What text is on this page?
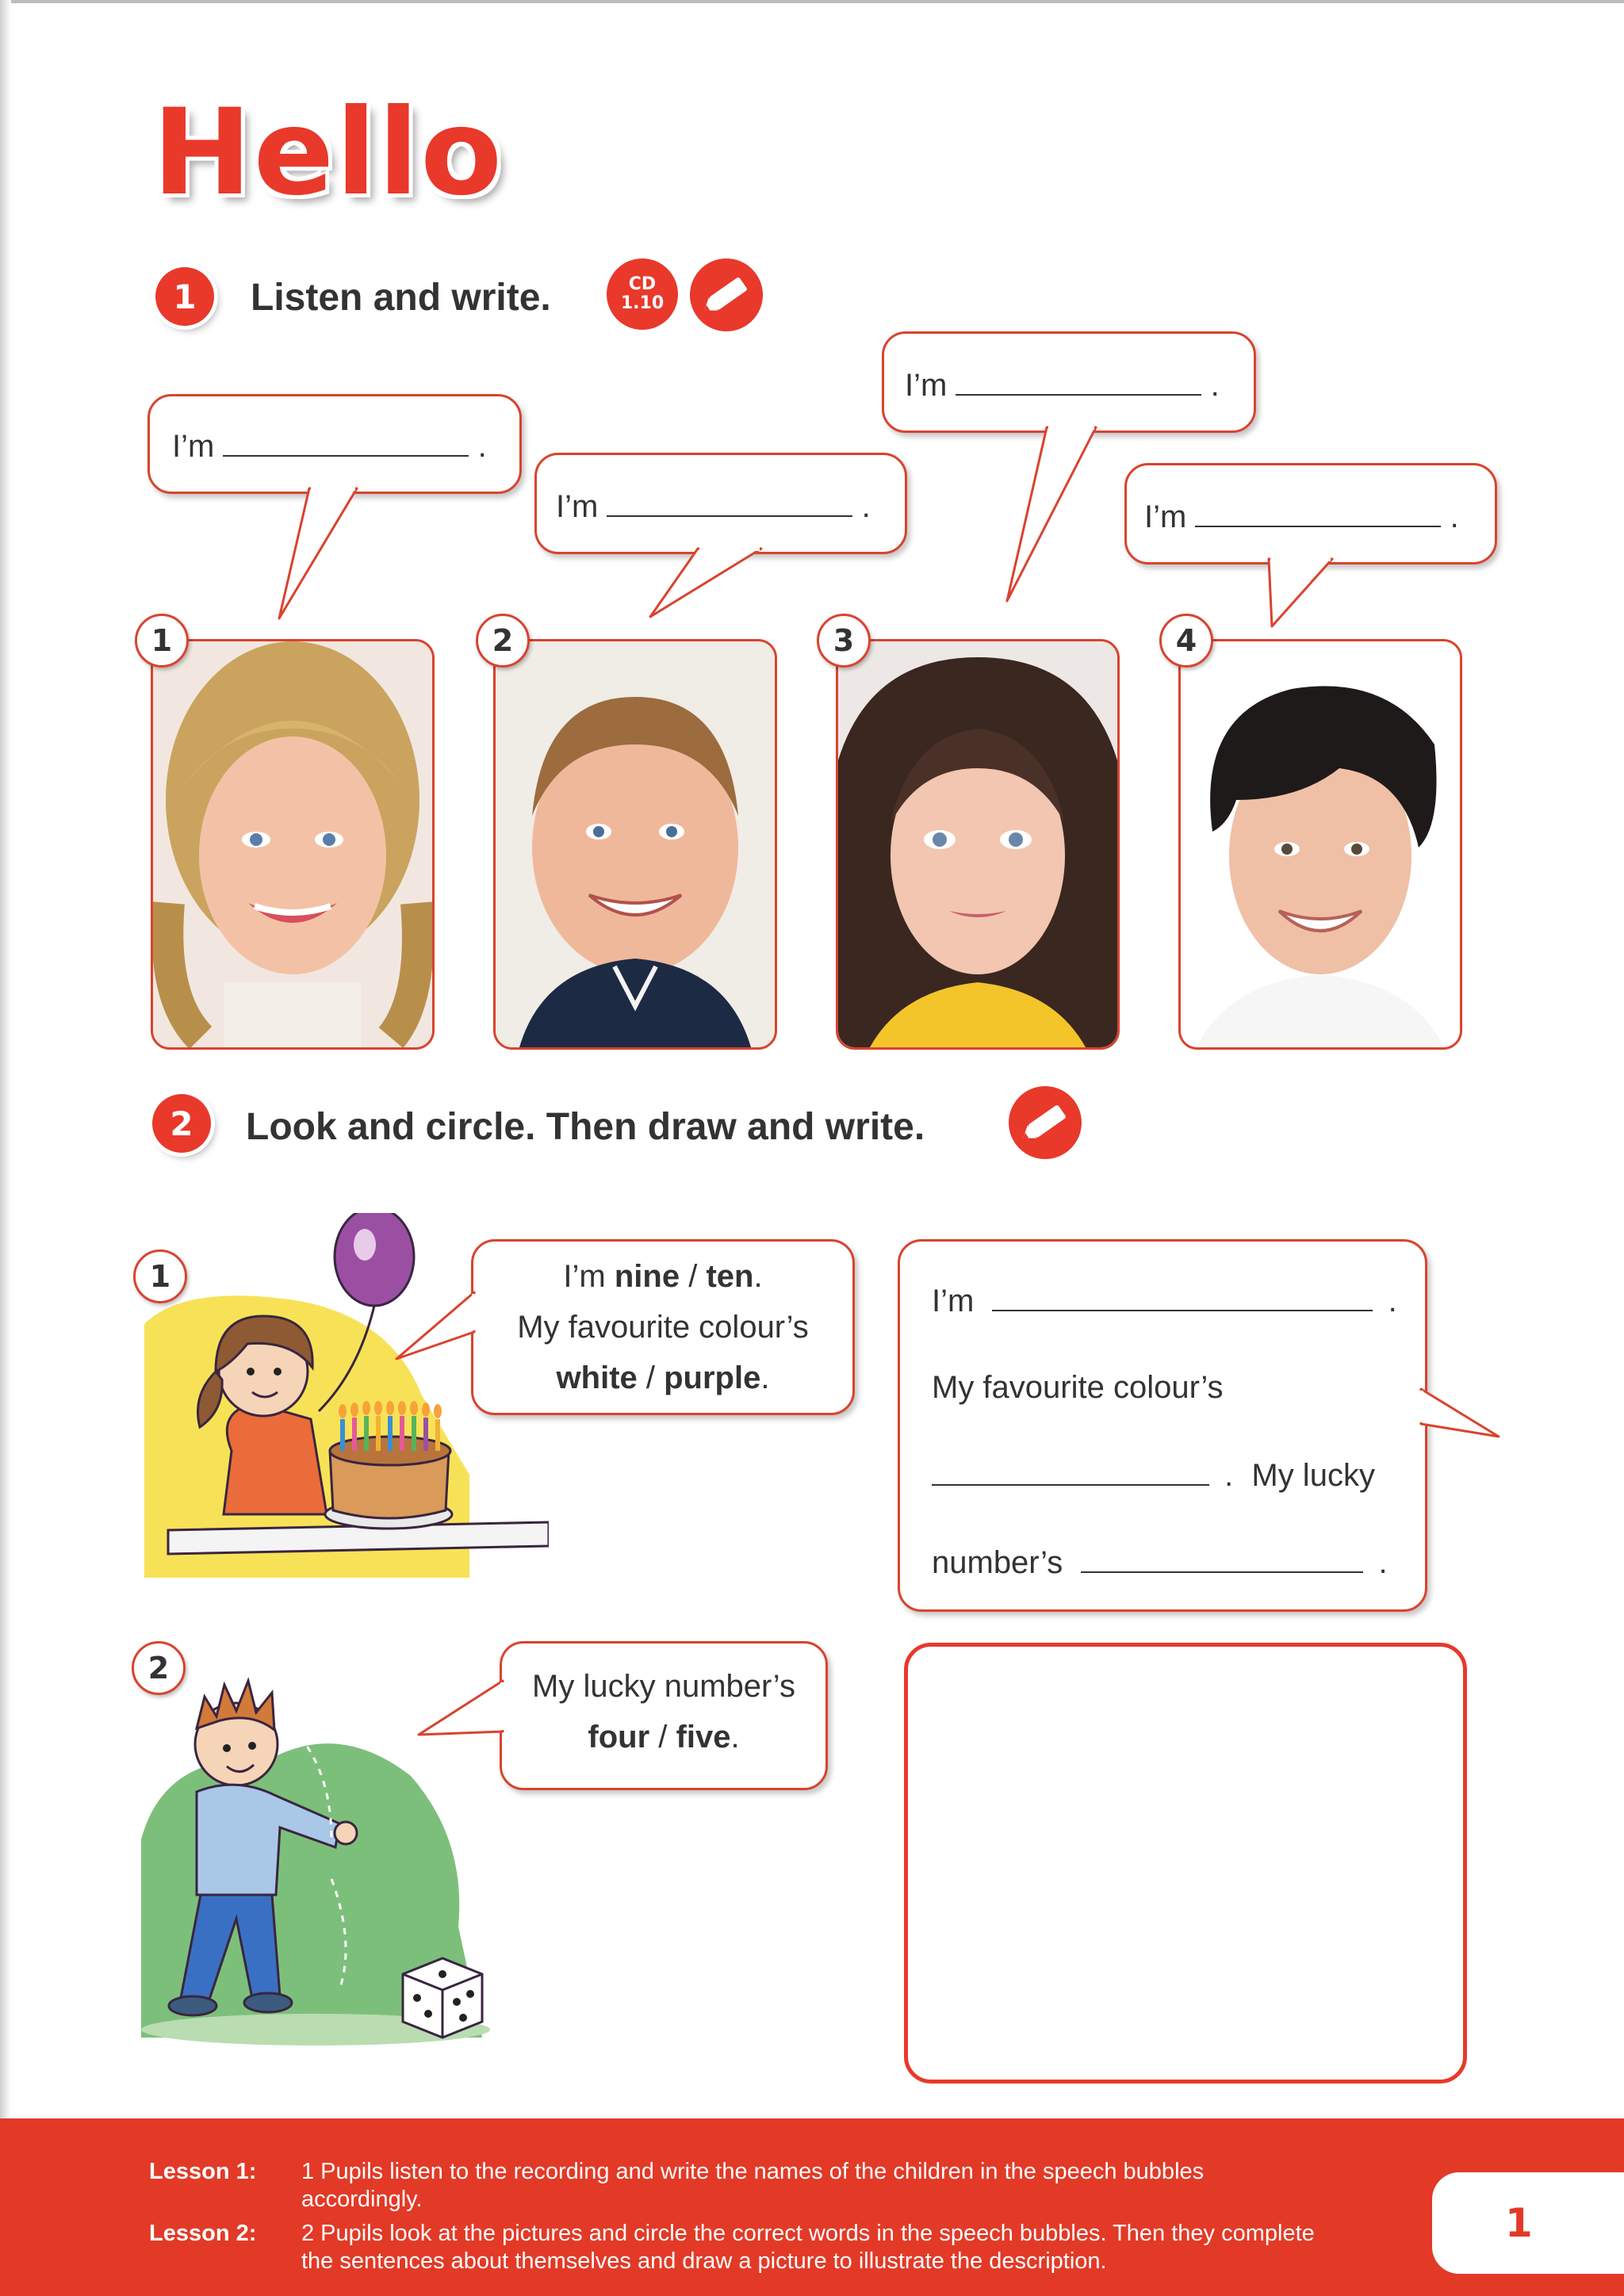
Hello
1	Listen and write.	CD
1.10
I’m	.
I’m	.
I’m	.
I’m	.
1	2	3	4
2	Look and circle. Then draw and write.
1	I’m nine / ten.
My favourite colour’s
white / purple.
I’m	.
My favourite colour’s
. My lucky
number’s	.
2
My lucky number’s
four / five.
Lesson 1:	1 Pupils listen to the recording and write the names of the children in the speech bubbles accordingly.
Lesson 2:	2 Pupils look at the pictures and circle the correct words in the speech bubbles. Then they complete the sentences about themselves and draw a picture to illustrate the description.
1
